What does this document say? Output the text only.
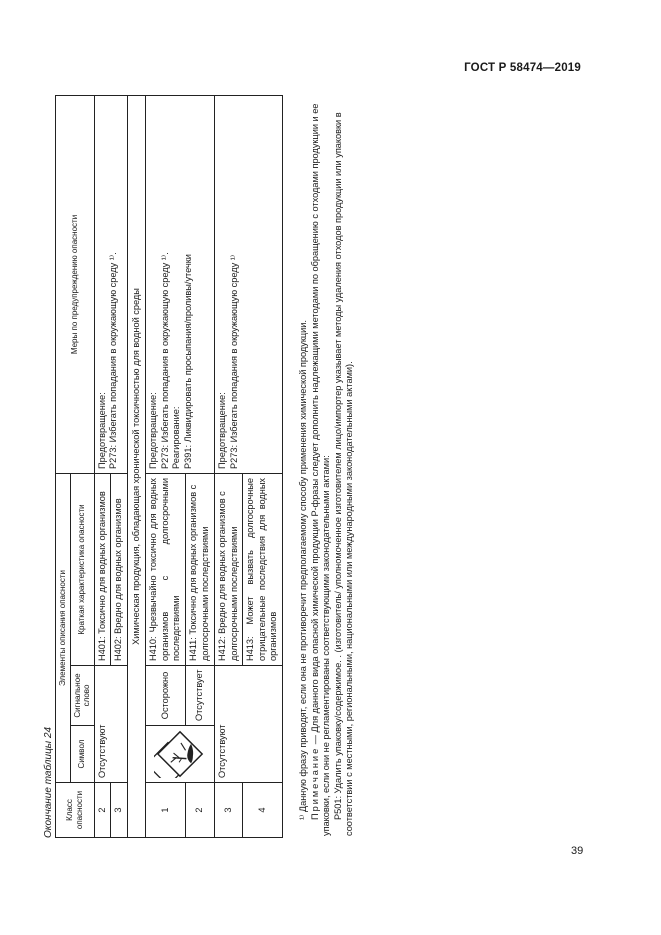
ГОСТ Р 58474—2019
Окончание таблицы 24 Класс опасности	Элементы описания опасности			Меры по предупреждению опасности
	Символ	Сигнальное слово	Краткая характеристика опасности	
2	Отсутствуют		H401: Токсично для водных организмов	Предотвращение: P273: Избегать попадания в окружающую среду ¹⁾.

3			H402: Вредно для водных организмов	
Химическая продукция, обладающая хронической токсичностью для водной среды				
1		Осторожно	H410: Чрезвычайно токсично для водных организмов с долгосрочными последствиями	Предотвращение: P273: Избегать попадания в окружающую среду ¹⁾. Реагирование: P391: Ликвидировать просыпания/проливы/утечки

2		Отсутствует	H411: Токсично для водных организмов с долгосрочными последствиями	
3	Отсутствуют		H412: Вредно для водных организмов с долгосрочными последствиями	Предотвращение: P273: Избегать попадания в окружающую среду ¹⁾

4			H413: Может вызвать долгосрочные отрицательные последствия для водных организмов	¹⁾ Данную фразу приводят, если она не противоречит предполагаемому способу применения химической продукции. Примечание — Для данного вида опасной химической продукции Р-фразы следует дополнить надлежащими методами по обращению с отходами продукции и ее упаковки, если они не регламентированы соответствующими законодательными актами: Р501: Удалить упаковку/содержимое. . (изготовитель/ уполномоченное изготовителем лицо/импортер указывает методы удаления отходов продукции или упаковки в соответствии с местными, региональными, национальными или международными законодательными актами).

39
